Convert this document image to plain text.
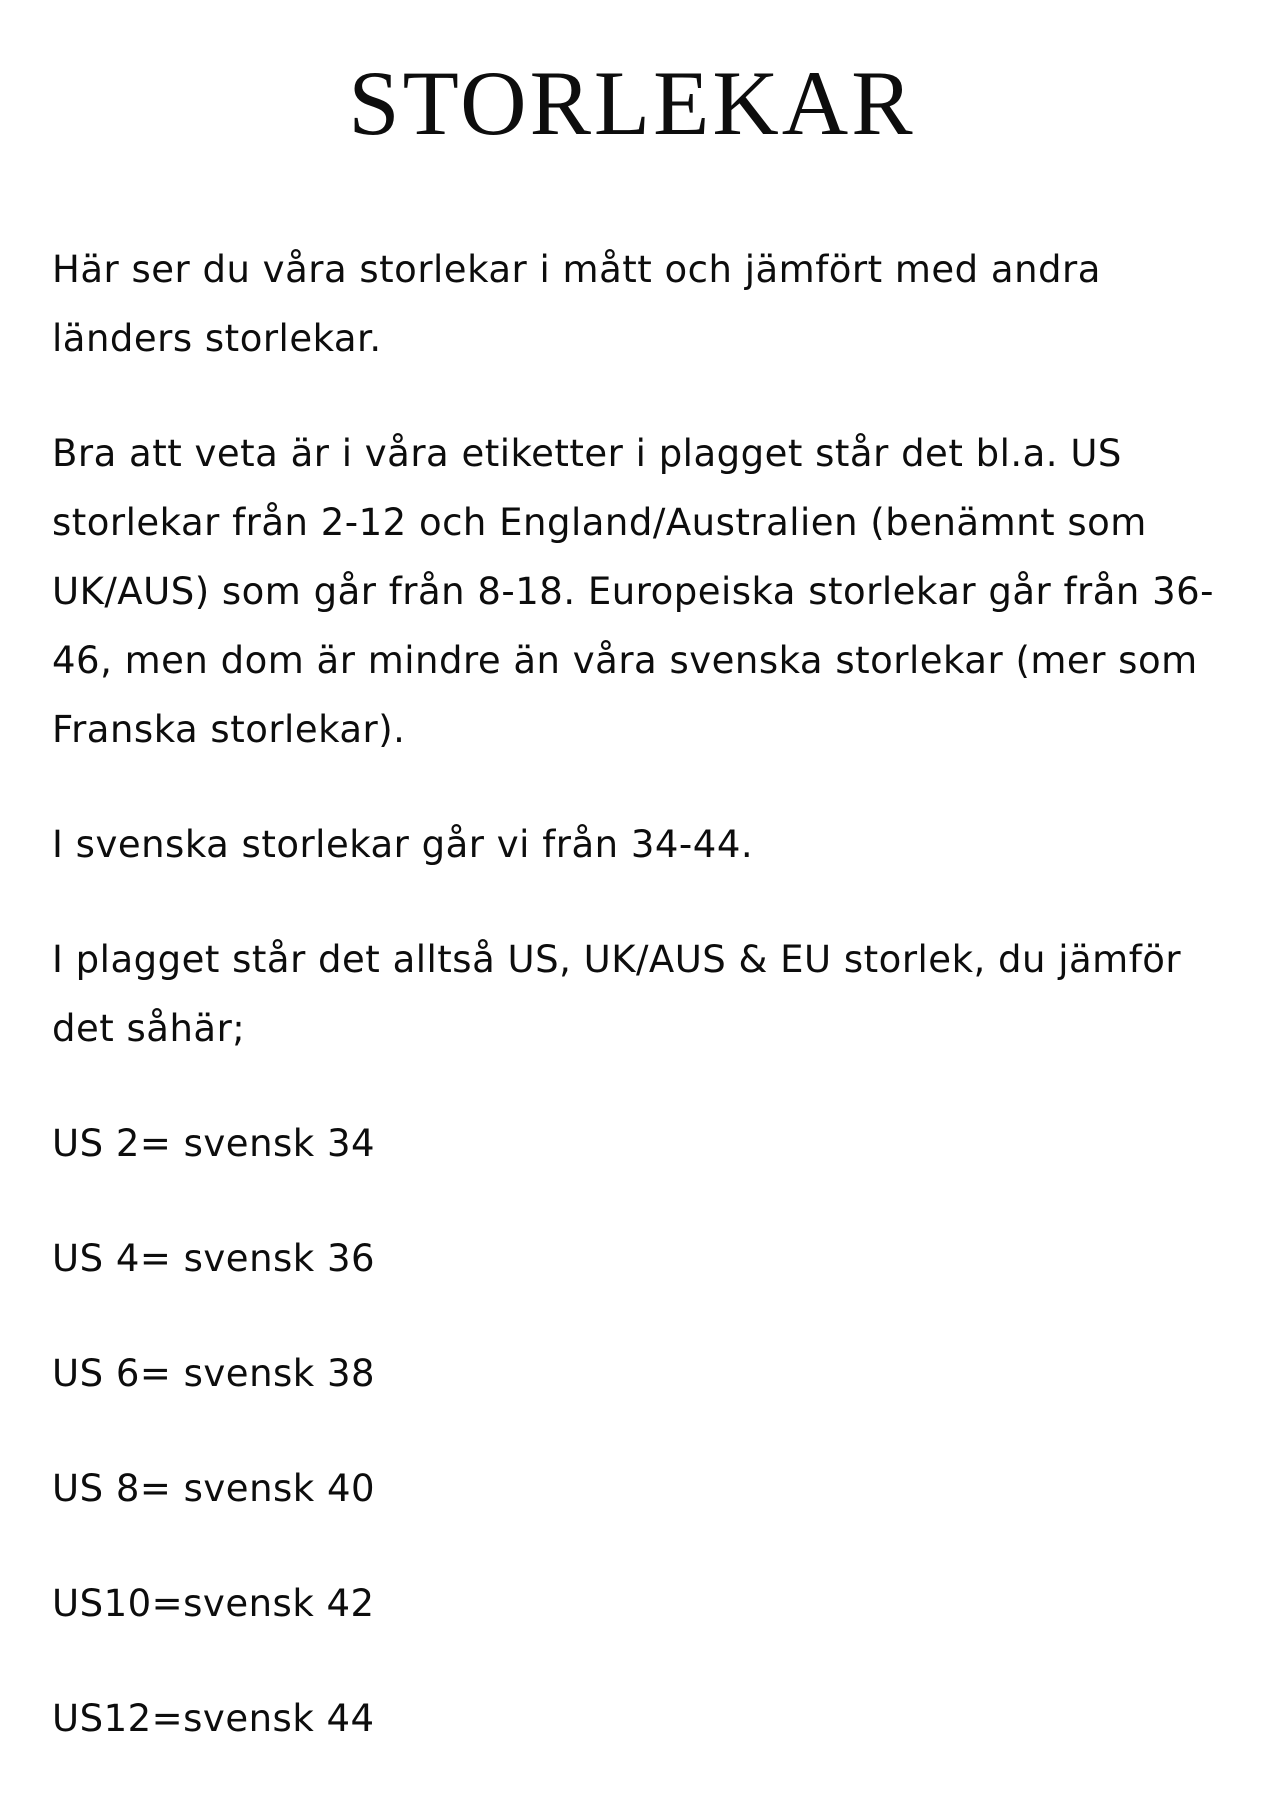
STORLEKAR

Här ser du våra storlekar i mått och jämfört med andra länders storlekar.

Bra att veta är i våra etiketter i plagget står det bl.a. US storlekar från 2-12 och England/Australien (benämnt som UK/AUS) som går från 8-18. Europeiska storlekar går från 36-46, men dom är mindre än våra svenska storlekar (mer som Franska storlekar).

I svenska storlekar går vi från 34-44.

I plagget står det alltså US, UK/AUS & EU storlek, du jämför det såhär;

US 2= svensk 34
US 4= svensk 36
US 6= svensk 38
US 8= svensk 40
US10=svensk 42
US12=svensk 44
